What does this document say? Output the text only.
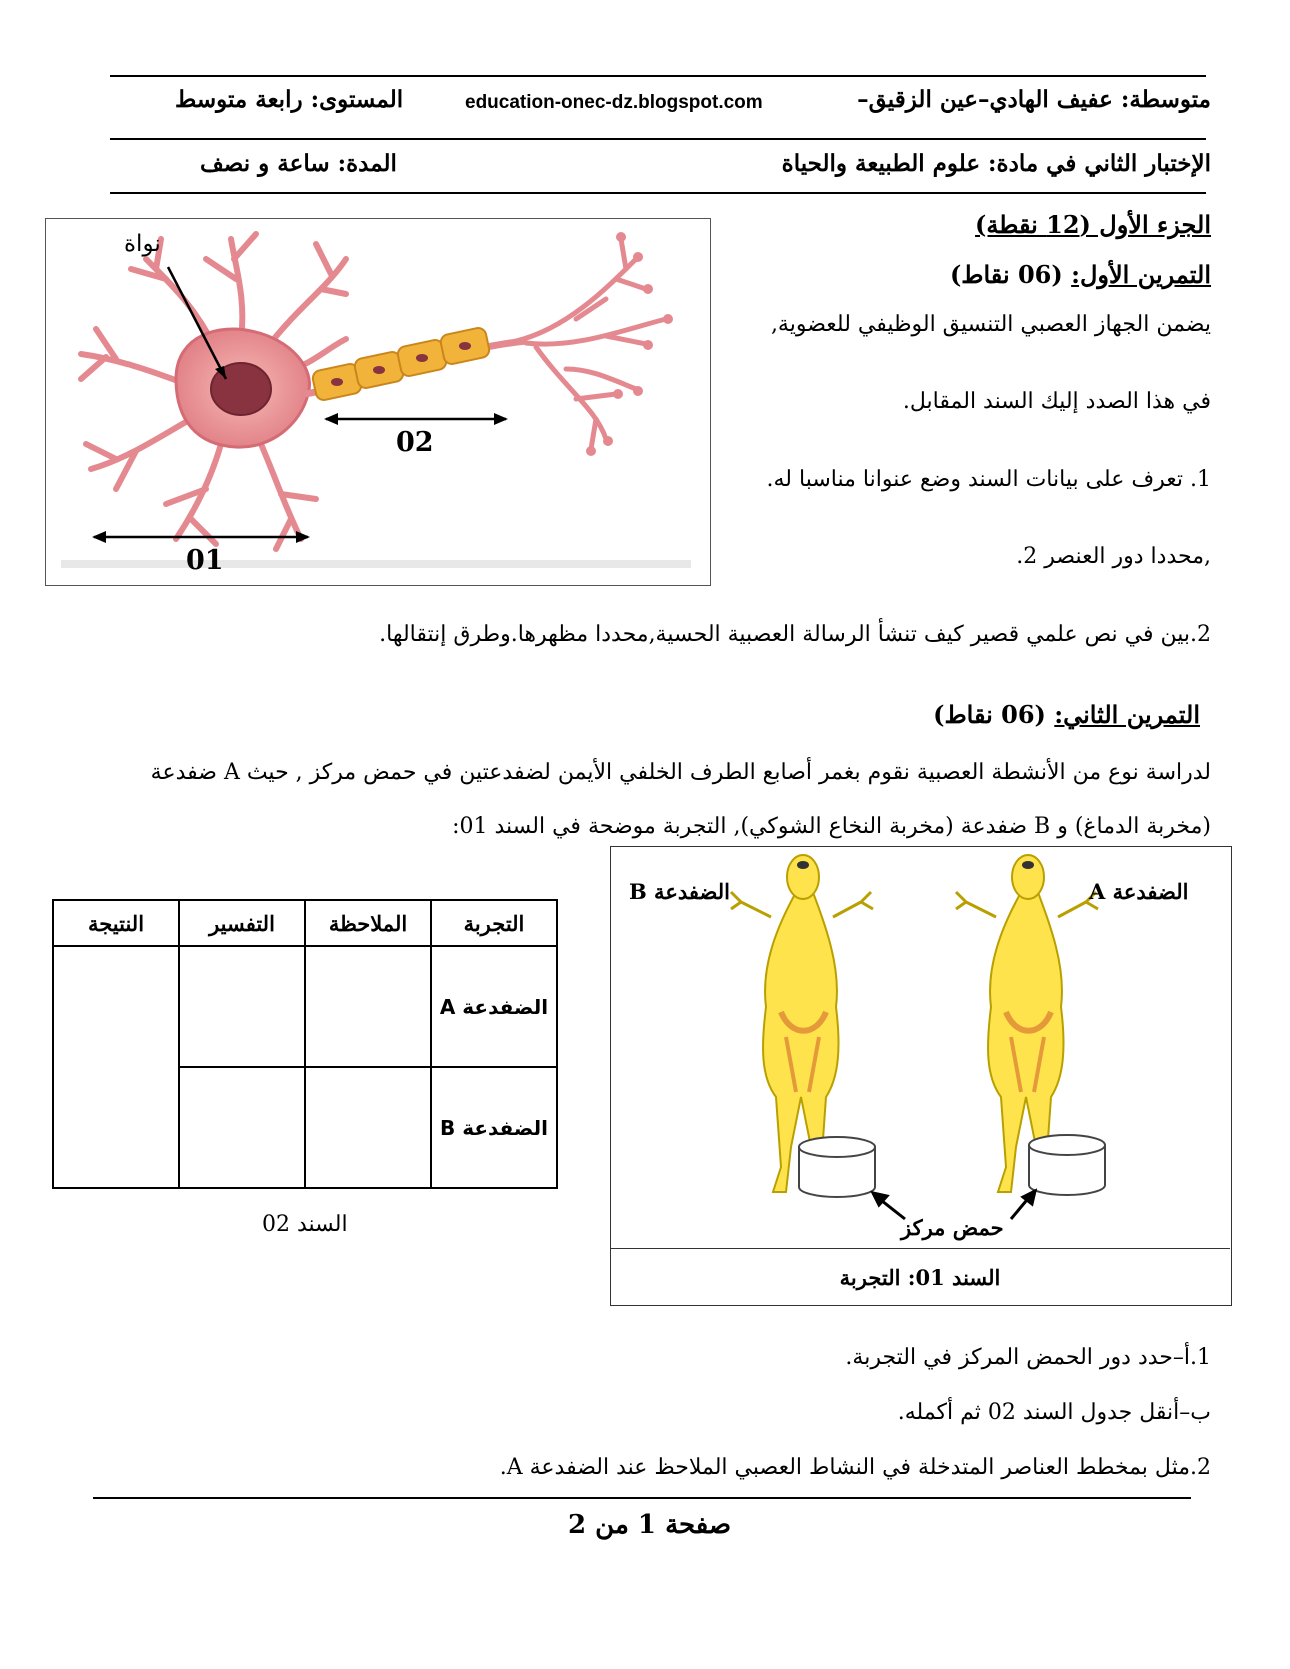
متوسطة: عفيف الهادي–عين الزقيق–
education-onec-dz.blogspot.com
المستوى: رابعة متوسط
الإختبار الثاني في مادة: علوم الطبيعة والحياة
المدة: ساعة و نصف
الجزء الأول (12 نقطة)
التمرين الأول: (06 نقاط)
يضمن الجهاز العصبي التنسيق الوظيفي للعضوية,
في هذا الصدد إليك السند المقابل.
1. تعرف على بيانات السند وضع عنوانا مناسبا له.
,محددا دور العنصر 2.
2.بين في نص علمي قصير كيف تنشأ الرسالة العصبية الحسية,محددا مظهرها.وطرق إنتقالها.
نواة
02
01
التمرين الثاني: (06 نقاط)
لدراسة نوع من الأنشطة العصبية نقوم بغمر أصابع الطرف الخلفي الأيمن لضفدعتين في حمض مركز , حيث A ضفدعة
(مخربة الدماغ) و B ضفدعة (مخربة النخاع الشوكي), التجربة موضحة في السند 01:
الضفدعة B	الضفدعة A
حمض مركز
السند 01: التجربة
التجربة	الملاحظة	التفسير	النتيجة
الضفدعة A			
الضفدعة B			
السند 02
1.أ–حدد دور الحمض المركز في التجربة.
ب–أنقل جدول السند 02 ثم أكمله.
2.مثل بمخطط العناصر المتدخلة في النشاط العصبي الملاحظ عند الضفدعة A.
صفحة 1 من 2
